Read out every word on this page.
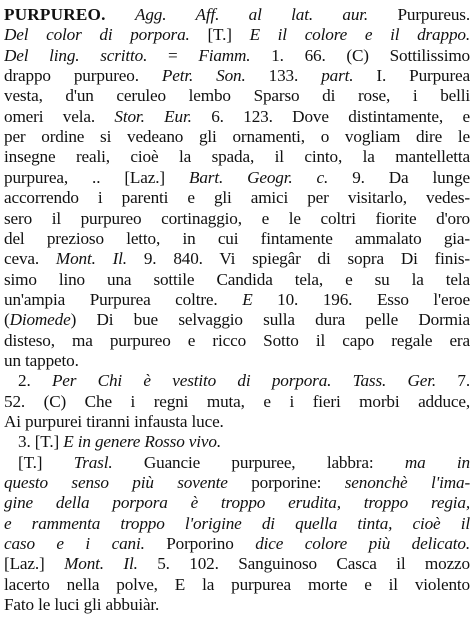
PURPUREO. Agg. Aff. al lat. aur. Purpureus.
Del color di porpora. [T.] E il colore e il drappo.
Del ling. scritto. = Fiamm. 1. 66. (C) Sottilissimo
drappo purpureo. Petr. Son. 133. part. I. Purpurea
vesta, d'un ceruleo lembo Sparso di rose, i belli
omeri vela. Stor. Eur. 6. 123. Dove distintamente, e
per ordine si vedeano gli ornamenti, o vogliam dire le
insegne reali, cioè la spada, il cinto, la mantelletta
purpurea, .. [Laz.] Bart. Geogr. c. 9. Da lunge
accorrendo i parenti e gli amici per visitarlo, vedes-
sero il purpureo cortinaggio, e le coltri fiorite d'oro
del prezioso letto, in cui fintamente ammalato gia-
ceva. Mont. Il. 9. 840. Vi spiegâr di sopra Di finis-
simo lino una sottile Candida tela, e su la tela
un'ampia Purpurea coltre. E 10. 196. Esso l'eroe
(Diomede) Di bue selvaggio sulla dura pelle Dormia
disteso, ma purpureo e ricco Sotto il capo regale era
un tappeto.
2. Per Chi è vestito di porpora. Tass. Ger. 7.
52. (C) Che i regni muta, e i fieri morbi adduce,
Ai purpurei tiranni infausta luce.
3. [T.] E in genere Rosso vivo.
[T.] Trasl. Guancie purpuree, labbra: ma in
questo senso più sovente porporine: senonchè l'ima-
gine della porpora è troppo erudita, troppo regia,
e rammenta troppo l'origine di quella tinta, cioè il
caso e i cani. Porporino dice colore più delicato.
[Laz.] Mont. Il. 5. 102. Sanguinoso Casca il mozzo
lacerto nella polve, E la purpurea morte e il violento
Fato le luci gli abbuiàr.
